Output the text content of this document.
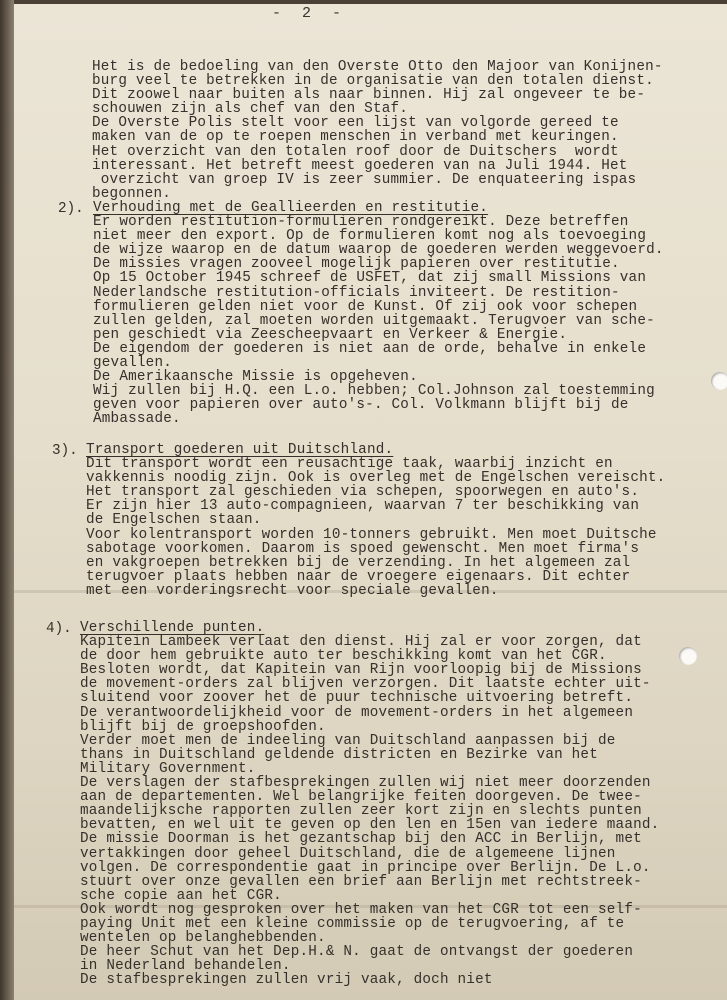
- 2 -
Het is de bedoeling van den Overste Otto den Majoor van Konijnen-
burg veel te betrekken in de organisatie van den totalen dienst.
Dit zoowel naar buiten als naar binnen. Hij zal ongeveer te be-
schouwen zijn als chef van den Staf.
De Overste Polis stelt voor een lijst van volgorde gereed te
maken van de op te roepen menschen in verband met keuringen.
Het overzicht van den totalen roof door de Duitschers  wordt
interessant. Het betreft meest goederen van na Juli 1944. Het
overzicht van groep IV is zeer summier. De enquateering ispas
begonnen.
2). Verhouding met de Geallieerden en restitutie.
Er worden restitution-formulieren rondgereikt. Deze betreffen
niet meer den export. Op de formulieren komt nog als toevoeging
de wijze waarop en de datum waarop de goederen werden weggevoerd.
De missies vragen zooveel mogelijk papieren over restitutie.
Op 15 October 1945 schreef de USFET, dat zij small Missions van
Nederlandsche restitution-officials inviteert. De restition-
formulieren gelden niet voor de Kunst. Of zij ook voor schepen
zullen gelden, zal moeten worden uitgemaakt. Terugvoer van sche-
pen geschiedt via Zeescheepvaart en Verkeer & Energie.
De eigendom der goederen is niet aan de orde, behalve in enkele
gevallen.
De Amerikaansche Missie is opgeheven.
Wij zullen bij H.Q. een L.o. hebben; Col.Johnson zal toestemming
geven voor papieren over auto's-. Col. Volkmann blijft bij de
Ambassade.
3). Transport goederen uit Duitschland.
Dit transport wordt een reusachtige taak, waarbij inzicht en
vakkennis noodig zijn. Ook is overleg met de Engelschen vereischt.
Het transport zal geschieden via schepen, spoorwegen en auto's.
Er zijn hier 13 auto-compagnieen, waarvan 7 ter beschikking van
de Engelschen staan.
Voor kolentransport worden 10-tonners gebruikt. Men moet Duitsche
sabotage voorkomen. Daarom is spoed gewenscht. Men moet firma's
en vakgroepen betrekken bij de verzending. In het algemeen zal
terugvoer plaats hebben naar de vroegere eigenaars. Dit echter
met een vorderingsrecht voor speciale gevallen.
4). Verschillende punten.
Kapitein Lambeek verlaat den dienst. Hij zal er voor zorgen, dat
de door hem gebruikte auto ter beschikking komt van het CGR.
Besloten wordt, dat Kapitein van Rijn voorloopig bij de Missions
de movement-orders zal blijven verzorgen. Dit laatste echter uit-
sluitend voor zoover het de puur technische uitvoering betreft.
De verantwoordelijkheid voor de movement-orders in het algemeen
blijft bij de groepshoofden.
Verder moet men de indeeling van Duitschland aanpassen bij de
thans in Duitschland geldende districten en Bezirke van het
Military Government.
De verslagen der stafbesprekingen zullen wij niet meer doorzenden
aan de departementen. Wel belangrijke feiten doorgeven. De twee-
maandelijksche rapporten zullen zeer kort zijn en slechts punten
bevatten, en wel uit te geven op den len en 15en van iedere maand.
De missie Doorman is het gezantschap bij den ACC in Berlijn, met
vertakkingen door geheel Duitschland, die de algemeene lijnen
volgen. De correspondentie gaat in principe over Berlijn. De L.o.
stuurt over onze gevallen een brief aan Berlijn met rechtstreek-
sche copie aan het CGR.
Ook wordt nog gesproken over het maken van het CGR tot een self-
paying Unit met een kleine commissie op de terugvoering, af te
wentelen op belanghebbenden.
De heer Schut van het Dep.H.& N. gaat de ontvangst der goederen
in Nederland behandelen.
De stafbesprekingen zullen vrij vaak, doch niet
